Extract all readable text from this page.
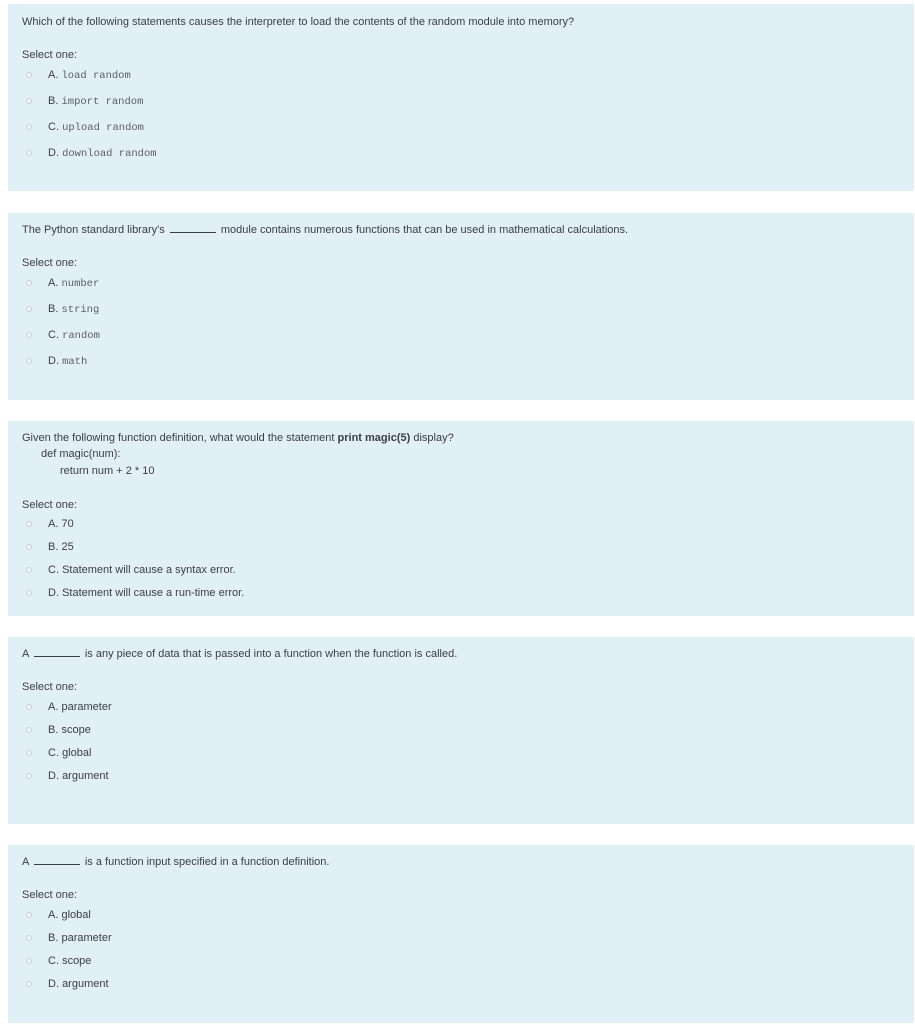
Which of the following statements causes the interpreter to load the contents of the random module into memory?
Select one:
A. load random
B. import random
C. upload random
D. download random
The Python standard library's	module contains numerous functions that can be used in mathematical calculations.
Select one:
A. number
B. string
C. random
D. math
Given the following function definition, what would the statement print magic(5) display?
def magic(num):
return num + 2 * 10
Select one:
A. 70
B. 25
C. Statement will cause a syntax error.
D. Statement will cause a run-time error.
A	is any piece of data that is passed into a function when the function is called.
Select one:
A. parameter
B. scope
C. global
D. argument
A	is a function input specified in a function definition.
Select one:
A. global
B. parameter
C. scope
D. argument
